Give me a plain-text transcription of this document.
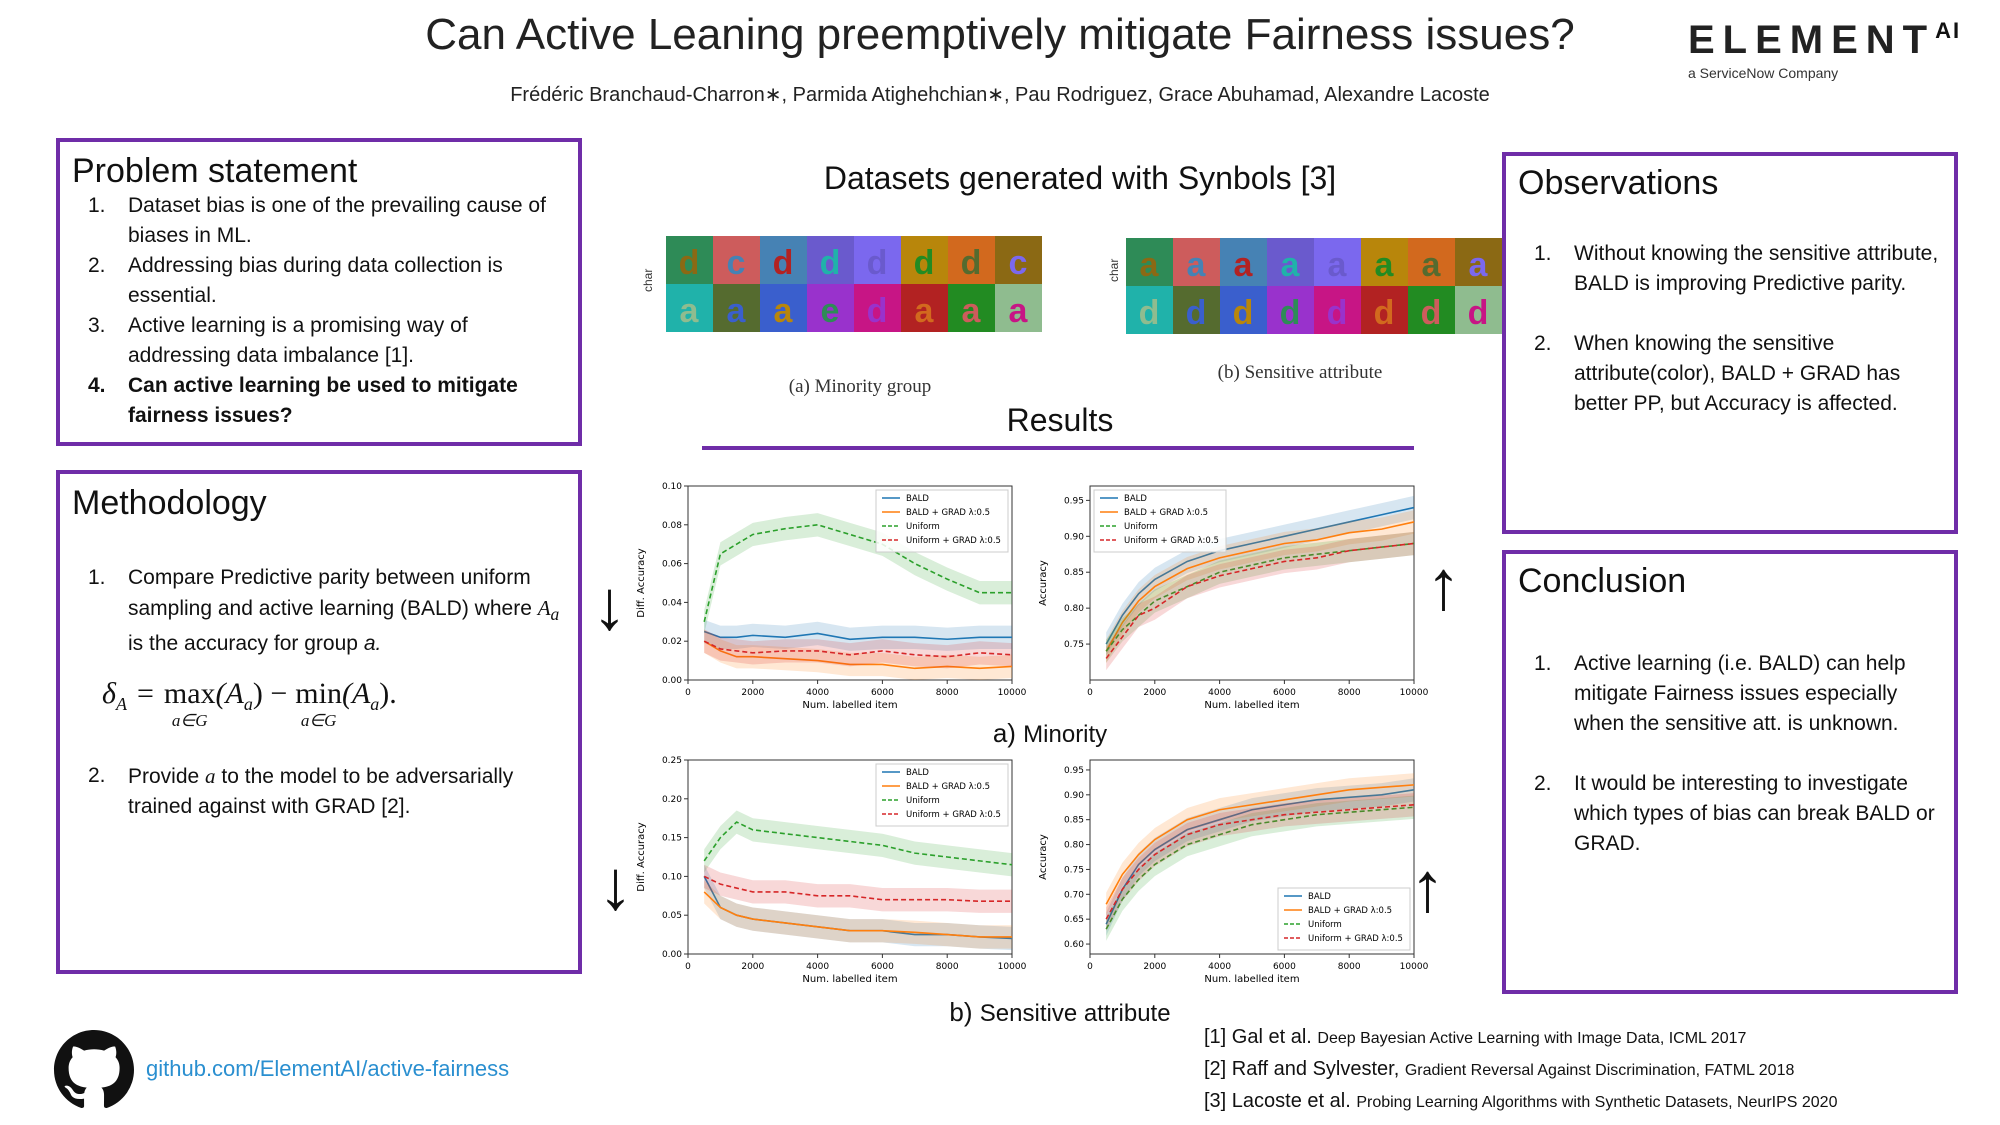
Can Active Leaning preemptively mitigate Fairness issues?
Frédéric Branchaud-Charron∗, Parmida Atighehchian∗, Pau Rodriguez, Grace Abuhamad, Alexandre Lacoste
ELEMENTAI
a ServiceNow Company
Problem statement
1. Dataset bias is one of the prevailing cause of biases in ML.
2. Addressing bias during data collection is essential.
3. Active learning is a promising way of addressing data imbalance [1].
4. Can active learning be used to mitigate fairness issues?
Methodology
1. Compare Predictive parity between uniform sampling and active learning (BALD) where $A_a$ is the accuracy for group a.
$\delta_A = \max$
a∈G
($A_a$ ) − min
a∈G
($A_a$ ).
2. Provide a to the model to be adversarially trained against with GRAD [2].
Datasets generated with Synbols [3]
d c d d d d d c
a a a e d a a a
a a a a a a a a
d d d d d d d d
char	char
(a) Minority group
(b) Sensitive attribute
Results
0	2000	4000	6000	8000	10000
0.00
0.02
0.04
0.06
0.08
0.10
Num. labelled item
Diff. Accuracy
BALD
BALD + GRAD λ:0.5
Uniform
Uniform + GRAD λ:0.5
0	2000	4000	6000	8000	10000
0.75
0.80
0.85
0.90
0.95
Num. labelled item
Accuracy
BALD
BALD + GRAD λ:0.5
Uniform
Uniform + GRAD λ:0.5
0	2000	4000	6000	8000	10000
0.00
0.05
0.10
0.15
0.20
0.25
Num. labelled item
Diff. Accuracy
BALD
BALD + GRAD λ:0.5
Uniform
Uniform + GRAD λ:0.5
0	2000	4000	6000	8000	10000
0.60
0.65
0.70
0.75
0.80
0.85
0.90
0.95
Num. labelled item
Accuracy
BALD
BALD + GRAD λ:0.5
Uniform
Uniform + GRAD λ:0.5
a) Minority
b) Sensitive attribute
↓	↑
↓	↑
Observations
1. Without knowing the sensitive attribute, BALD is improving Predictive parity.
2. When knowing the sensitive attribute(color), BALD + GRAD has better PP, but Accuracy is affected.
Conclusion
1. Active learning (i.e. BALD) can help mitigate Fairness issues especially when the sensitive att. is unknown.
2. It would be interesting to investigate which types of bias can break BALD or GRAD.
github.com/ElementAI/active-fairness
[1] Gal et al. Deep Bayesian Active Learning with Image Data, ICML 2017
[2] Raff and Sylvester, Gradient Reversal Against Discrimination, FATML 2018
[3] Lacoste et al. Probing Learning Algorithms with Synthetic Datasets, NeurIPS 2020
